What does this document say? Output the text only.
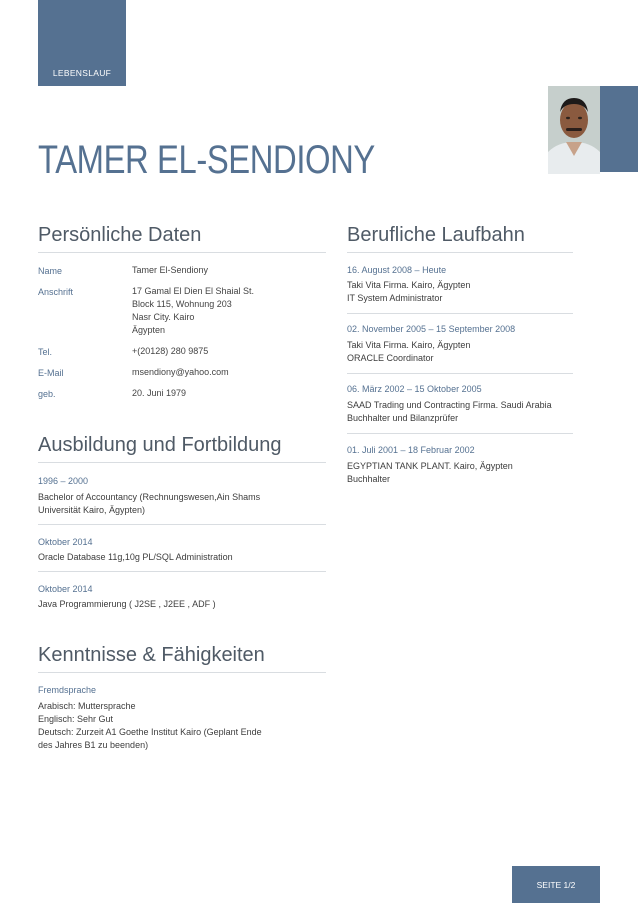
LEBENSLAUF
TAMER EL-SENDIONY
Persönliche Daten
Name	Tamer El-Sendiony
Anschrift	17 Gamal El Dien El Shaial St.
Block 115, Wohnung 203
Nasr City. Kairo
Ägypten
Tel.	+(20128) 280 9875
E-Mail	msendiony@yahoo.com
geb.	20. Juni 1979
Ausbildung und Fortbildung
1996 – 2000
Bachelor of Accountancy (Rechnungswesen,Ain Shams
Universität Kairo, Ägypten)
Oktober 2014
Oracle Database 11g,10g PL/SQL Administration
Oktober 2014
Java Programmierung ( J2SE , J2EE , ADF )
Kenntnisse & Fähigkeiten
Fremdsprache
Arabisch: Muttersprache
Englisch: Sehr Gut
Deutsch: Zurzeit A1 Goethe Institut Kairo (Geplant Ende
des Jahres B1 zu beenden)
Berufliche Laufbahn
16. August 2008 – Heute
Taki Vita Firma. Kairo, Ägypten
IT System Administrator
02. November 2005 – 15 September 2008
Taki Vita Firma. Kairo, Ägypten
ORACLE Coordinator
06. März 2002 – 15 Oktober 2005
SAAD Trading und Contracting Firma. Saudi Arabia
Buchhalter und Bilanzprüfer
01. Juli 2001 – 18 Februar 2002
EGYPTIAN TANK PLANT. Kairo, Ägypten
Buchhalter
SEITE 1/2
